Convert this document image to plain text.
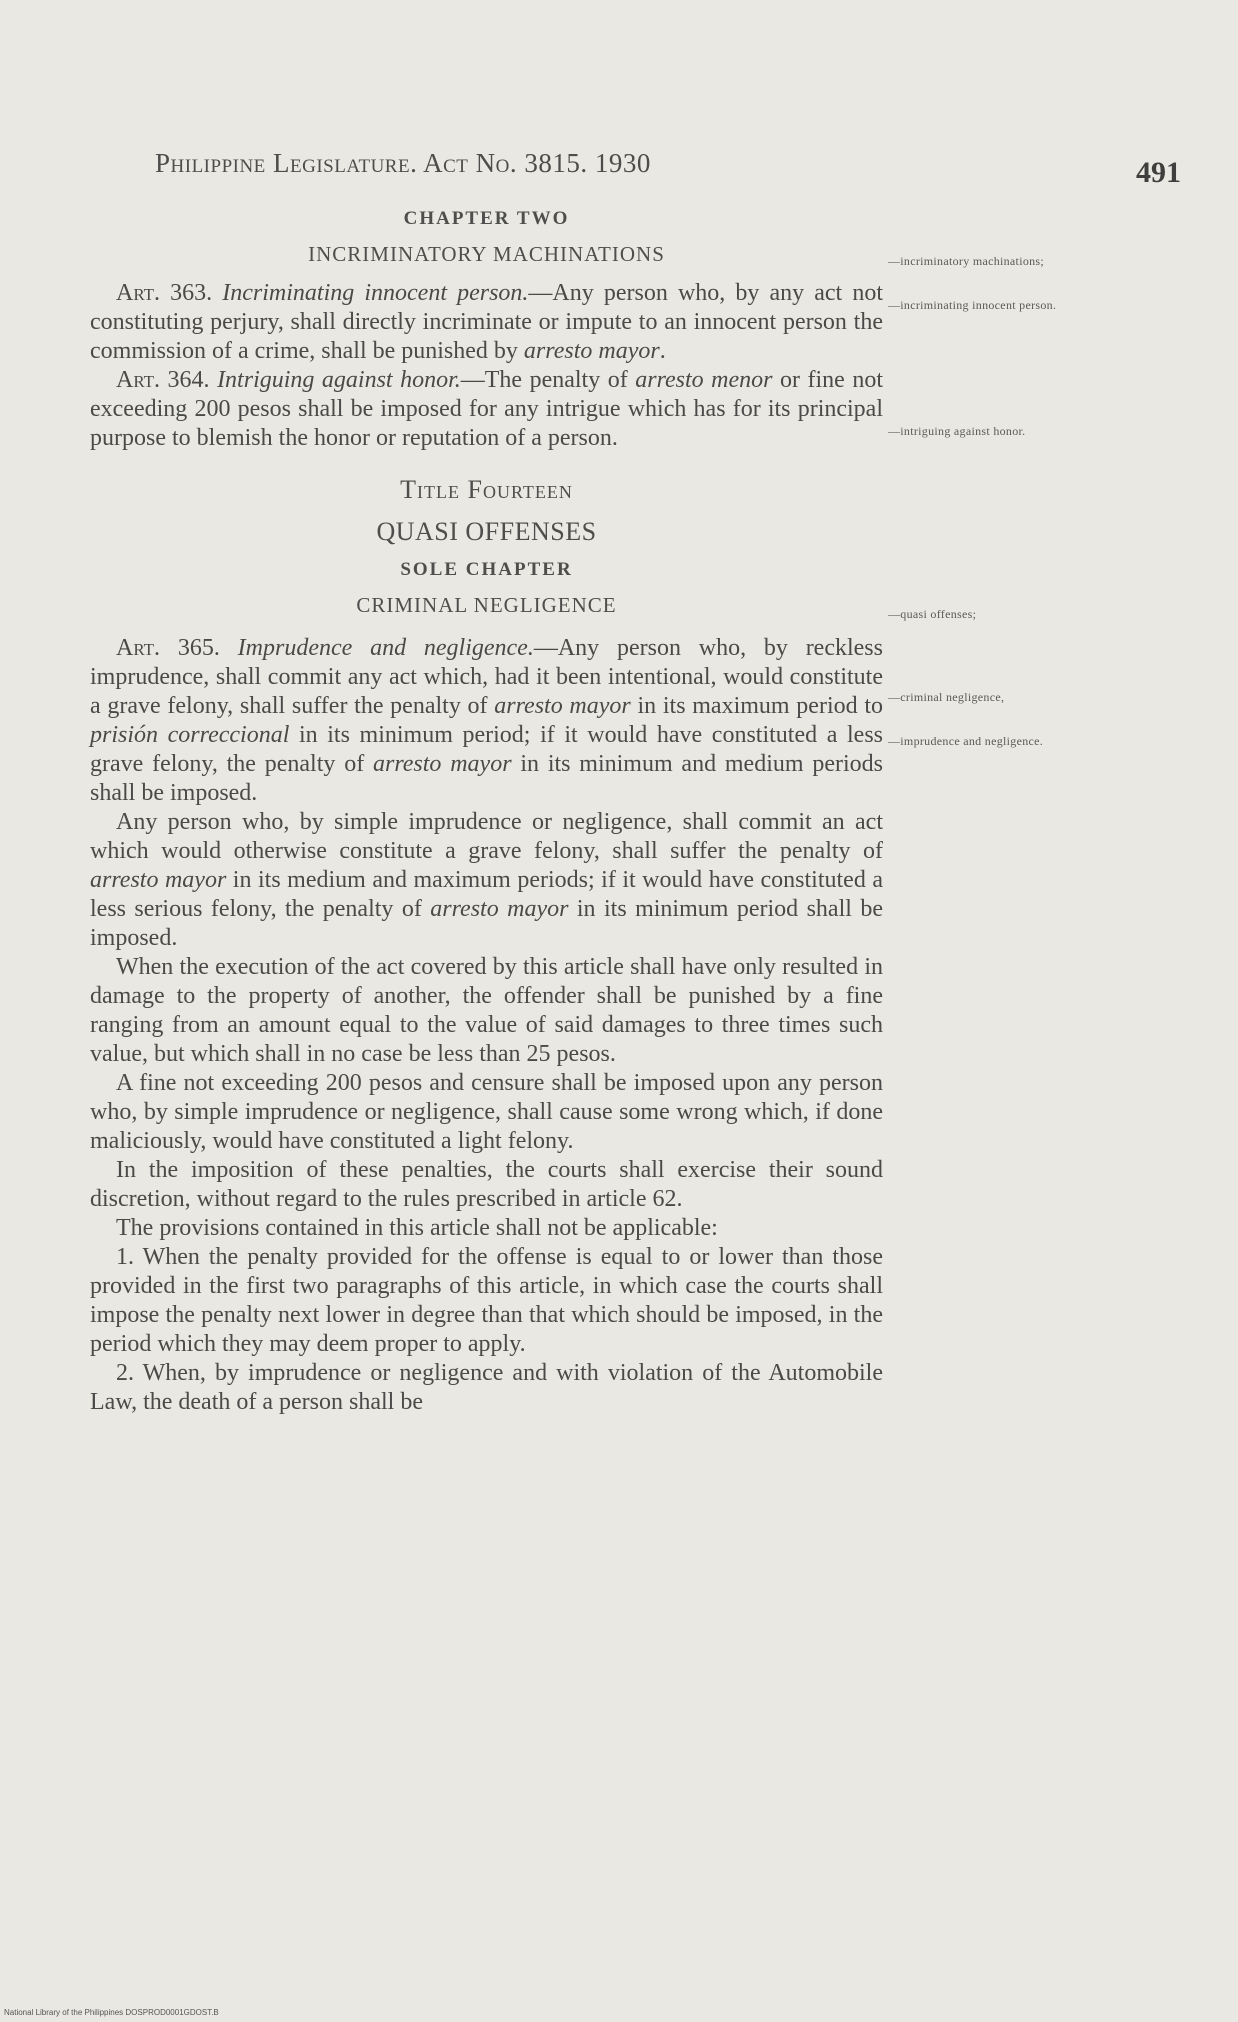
Philippine Legislature. Act No. 3815. 1930	491
CHAPTER TWO
INCRIMINATORY MACHINATIONS

Art. 363. Incriminating innocent person.—Any person who, by any act not constituting perjury, shall directly incriminate or impute to an innocent person the commission of a crime, shall be punished by arresto mayor.

Art. 364. Intriguing against honor.—The penalty of arresto menor or fine not exceeding 200 pesos shall be imposed for any intrigue which has for its principal purpose to blemish the honor or reputation of a person.

Title Fourteen
QUASI OFFENSES
SOLE CHAPTER
CRIMINAL NEGLIGENCE

Art. 365. Imprudence and negligence.—Any person who, by reckless imprudence, shall commit any act which, had it been intentional, would constitute a grave felony, shall suffer the penalty of arresto mayor in its maximum period to prisión correccional in its minimum period; if it would have constituted a less grave felony, the penalty of arresto mayor in its minimum and medium periods shall be imposed.

Any person who, by simple imprudence or negligence, shall commit an act which would otherwise constitute a grave felony, shall suffer the penalty of arresto mayor in its medium and maximum periods; if it would have constituted a less serious felony, the penalty of arresto mayor in its minimum period shall be imposed.

When the execution of the act covered by this article shall have only resulted in damage to the property of another, the offender shall be punished by a fine ranging from an amount equal to the value of said damages to three times such value, but which shall in no case be less than 25 pesos.

A fine not exceeding 200 pesos and censure shall be imposed upon any person who, by simple imprudence or negligence, shall cause some wrong which, if done maliciously, would have constituted a light felony.

In the imposition of these penalties, the courts shall exercise their sound discretion, without regard to the rules prescribed in article 62.

The provisions contained in this article shall not be applicable:

1. When the penalty provided for the offense is equal to or lower than those provided in the first two paragraphs of this article, in which case the courts shall impose the penalty next lower in degree than that which should be imposed, in the period which they may deem proper to apply.

2. When, by imprudence or negligence and with violation of the Automobile Law, the death of a person shall be

—incriminatory machinations;
—incriminating innocent person.
—intriguing against honor.
—quasi offenses;
—criminal negligence,
—imprudence and negligence.
National Library of the Philippines DOSPROD0001GDOST.B
